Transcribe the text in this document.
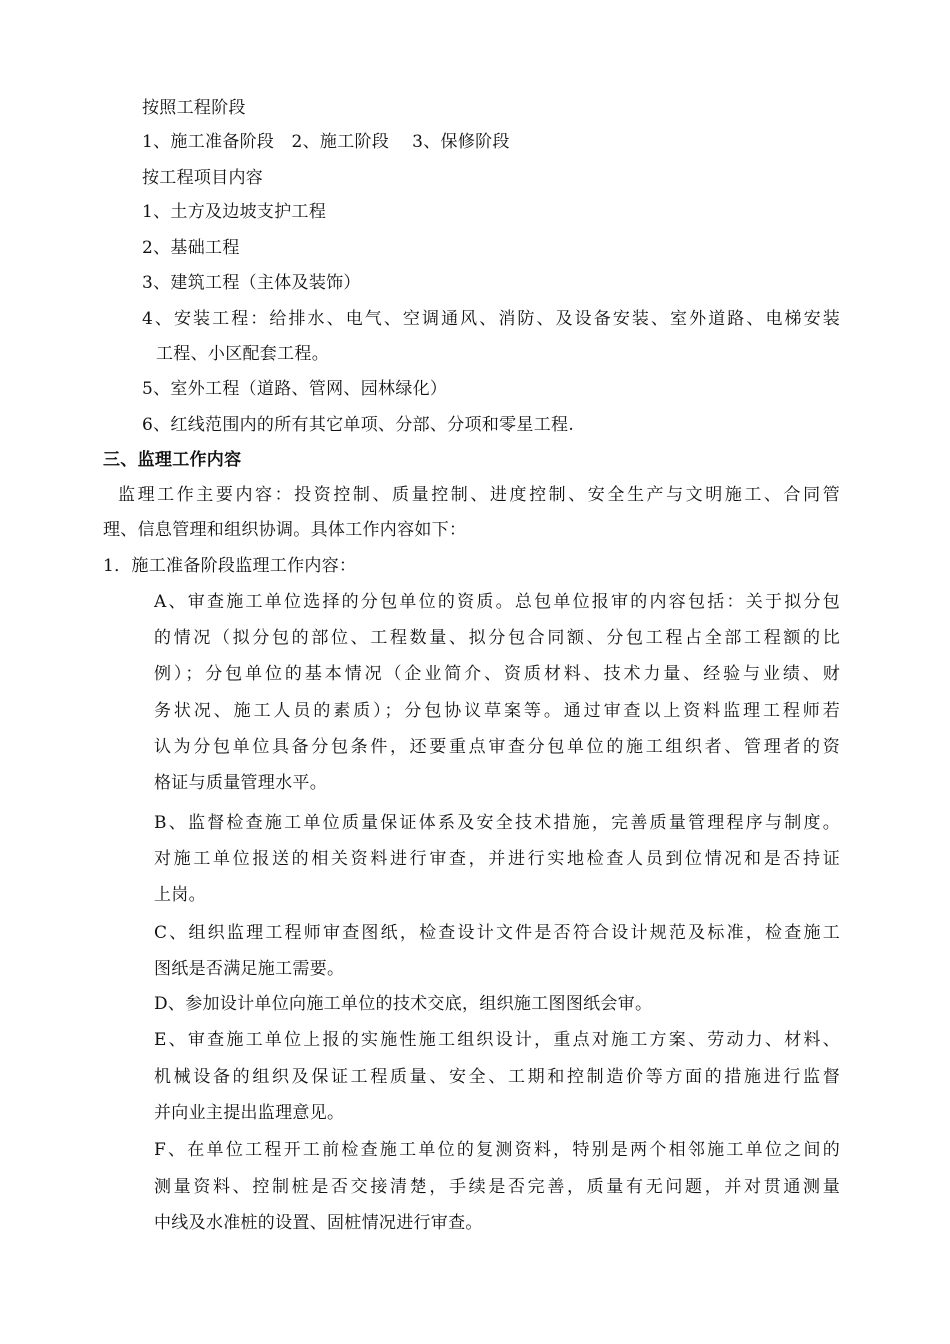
按照工程阶段
1、施工准备阶段　2、施工阶段　 3、保修阶段
按工程项目内容
1、土方及边坡支护工程
2、基础工程
3、建筑工程（主体及装饰）
4、安装工程：给排水、电气、空调通风、消防、及设备安装、室外道路、电梯安装
工程、小区配套工程。
5、室外工程（道路、管网、园林绿化）
6、红线范围内的所有其它单项、分部、分项和零星工程.
三、监理工作内容
监理工作主要内容：投资控制、质量控制、进度控制、安全生产与文明施工、合同管
理、信息管理和组织协调。具体工作内容如下：
1．施工准备阶段监理工作内容：
A、审查施工单位选择的分包单位的资质。总包单位报审的内容包括：关于拟分包
的情况（拟分包的部位、工程数量、拟分包合同额、分包工程占全部工程额的比
例）；分包单位的基本情况（企业简介、资质材料、技术力量、经验与业绩、财
务状况、施工人员的素质）；分包协议草案等。通过审查以上资料监理工程师若
认为分包单位具备分包条件，还要重点审查分包单位的施工组织者、管理者的资
格证与质量管理水平。
B、监督检查施工单位质量保证体系及安全技术措施，完善质量管理程序与制度。
对施工单位报送的相关资料进行审查，并进行实地检查人员到位情况和是否持证
上岗。
C、组织监理工程师审查图纸，检查设计文件是否符合设计规范及标准，检查施工
图纸是否满足施工需要。
D、参加设计单位向施工单位的技术交底，组织施工图图纸会审。
E、审查施工单位上报的实施性施工组织设计，重点对施工方案、劳动力、材料、
机械设备的组织及保证工程质量、安全、工期和控制造价等方面的措施进行监督
并向业主提出监理意见。
F、在单位工程开工前检查施工单位的复测资料，特别是两个相邻施工单位之间的
测量资料、控制桩是否交接清楚，手续是否完善，质量有无问题，并对贯通测量
中线及水准桩的设置、固桩情况进行审查。
